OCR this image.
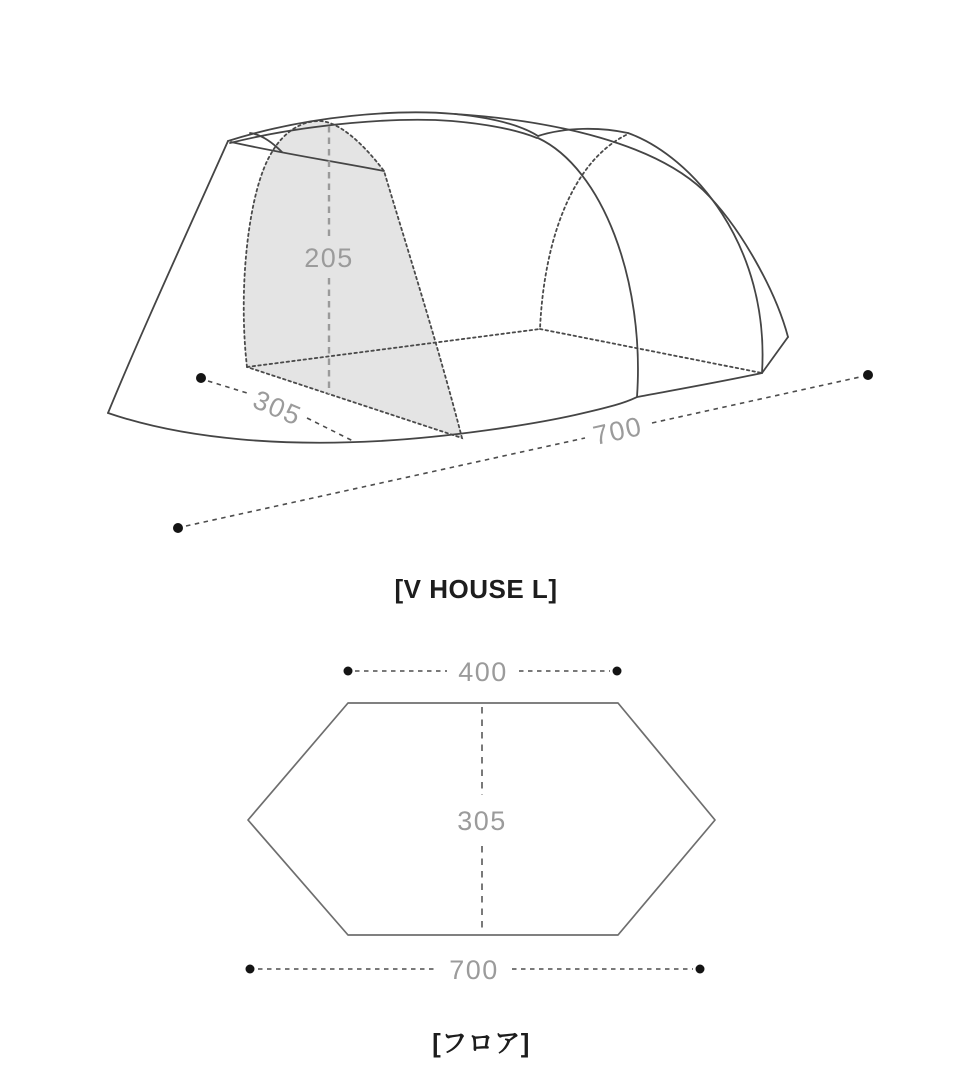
205
305	700
[V HOUSE L]
400
305
700
[フロア]
